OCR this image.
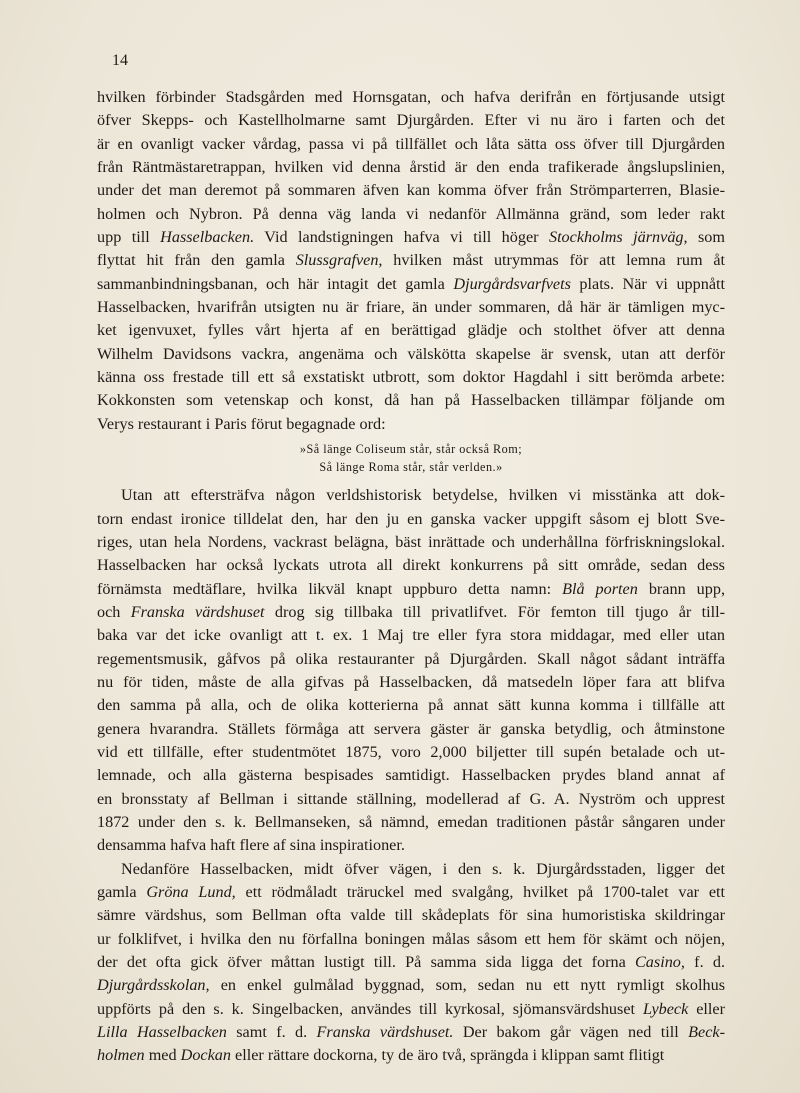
14
hvilken förbinder Stadsgården med Hornsgatan, och hafva derifrån en förtjusande utsigt
öfver Skepps- och Kastellholmarne samt Djurgården. Efter vi nu äro i farten och det
är en ovanligt vacker vårdag, passa vi på tillfället och låta sätta oss öfver till Djurgården
från Räntmästaretrappan, hvilken vid denna årstid är den enda trafikerade ångslupslinien,
under det man deremot på sommaren äfven kan komma öfver från Strömparterren, Blasie-
holmen och Nybron. På denna väg landa vi nedanför Allmänna gränd, som leder rakt
upp till Hasselbacken. Vid landstigningen hafva vi till höger Stockholms järnväg, som
flyttat hit från den gamla Slussgrafven, hvilken måst utrymmas för att lemna rum åt
sammanbindningsbanan, och här intagit det gamla Djurgårdsvarfvets plats. När vi uppnått
Hasselbacken, hvarifrån utsigten nu är friare, än under sommaren, då här är tämligen myc-
ket igenvuxet, fylles vårt hjerta af en berättigad glädje och stolthet öfver att denna
Wilhelm Davidsons vackra, angenäma och välskötta skapelse är svensk, utan att derför
känna oss frestade till ett så exstatiskt utbrott, som doktor Hagdahl i sitt berömda arbete:
Kokkonsten som vetenskap och konst, då han på Hasselbacken tillämpar följande om
Verys restaurant i Paris förut begagnade ord:
»Så länge Coliseum står, står också Rom;
Så länge Roma står, står verlden.»
Utan att eftersträfva någon verldshistorisk betydelse, hvilken vi misstänka att dok-
torn endast ironice tilldelat den, har den ju en ganska vacker uppgift såsom ej blott Sve-
riges, utan hela Nordens, vackrast belägna, bäst inrättade och underhållna förfriskningslokal.
Hasselbacken har också lyckats utrota all direkt konkurrens på sitt område, sedan dess
förnämsta medtäflare, hvilka likväl knapt uppburo detta namn: Blå porten brann upp,
och Franska värdshuset drog sig tillbaka till privatlifvet. För femton till tjugo år till-
baka var det icke ovanligt att t. ex. 1 Maj tre eller fyra stora middagar, med eller utan
regementsmusik, gåfvos på olika restauranter på Djurgården. Skall något sådant inträffa
nu för tiden, måste de alla gifvas på Hasselbacken, då matsedeln löper fara att blifva
den samma på alla, och de olika kotterierna på annat sätt kunna komma i tillfälle att
genera hvarandra. Ställets förmåga att servera gäster är ganska betydlig, och åtminstone
vid ett tillfälle, efter studentmötet 1875, voro 2,000 biljetter till supén betalade och ut-
lemnade, och alla gästerna bespisades samtidigt. Hasselbacken prydes bland annat af
en bronsstaty af Bellman i sittande ställning, modellerad af G. A. Nyström och upprest
1872 under den s. k. Bellmanseken, så nämnd, emedan traditionen påstår sångaren under
densamma hafva haft flere af sina inspirationer.
Nedanföre Hasselbacken, midt öfver vägen, i den s. k. Djurgårdsstaden, ligger det
gamla Gröna Lund, ett rödmåladt träruckel med svalgång, hvilket på 1700-talet var ett
sämre värdshus, som Bellman ofta valde till skådeplats för sina humoristiska skildringar
ur folklifvet, i hvilka den nu förfallna boningen målas såsom ett hem för skämt och nöjen,
der det ofta gick öfver måttan lustigt till. På samma sida ligga det forna Casino, f. d.
Djurgårdsskolan, en enkel gulmålad byggnad, som, sedan nu ett nytt rymligt skolhus
uppförts på den s. k. Singelbacken, användes till kyrkosal, sjömansvärdshuset Lybeck eller
Lilla Hasselbacken samt f. d. Franska värdshuset. Der bakom går vägen ned till Beck-
holmen med Dockan eller rättare dockorna, ty de äro två, sprängda i klippan samt flitigt
